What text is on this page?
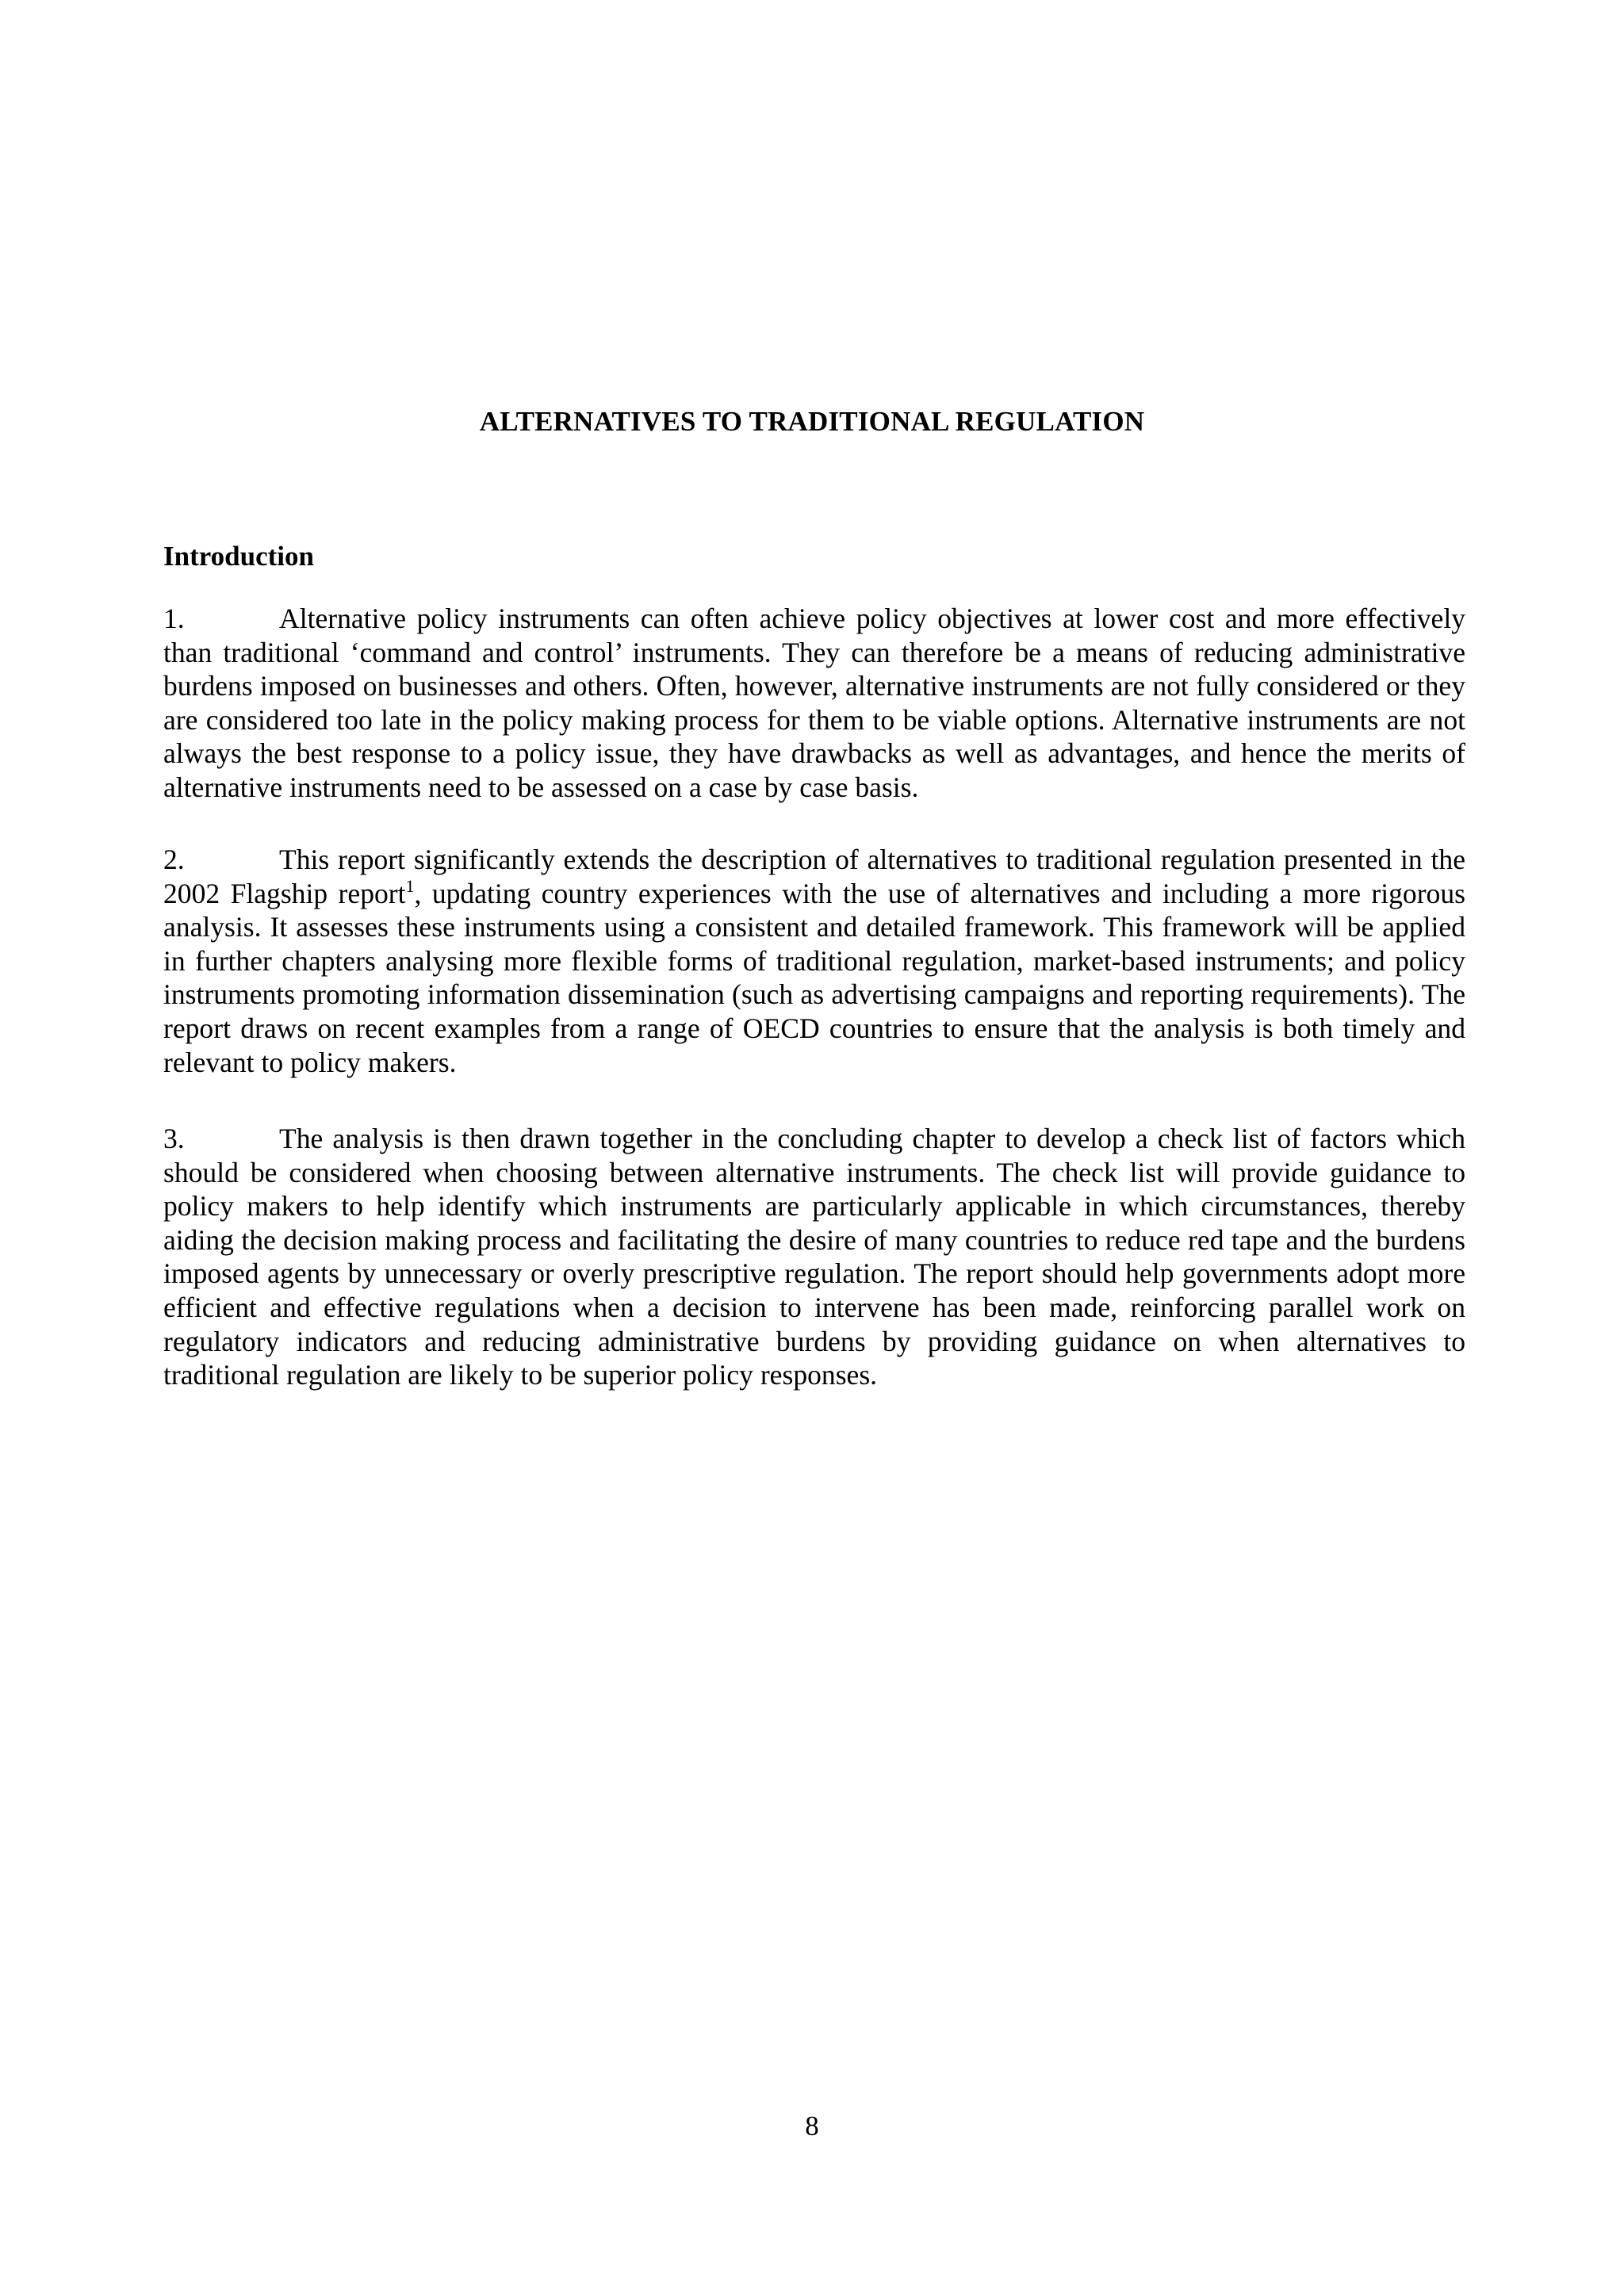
ALTERNATIVES TO TRADITIONAL REGULATION
Introduction

1.	Alternative policy instruments can often achieve policy objectives at lower cost and more effectively than traditional ‘command and control’ instruments. They can therefore be a means of reducing administrative burdens imposed on businesses and others. Often, however, alternative instruments are not fully considered or they are considered too late in the policy making process for them to be viable options. Alternative instruments are not always the best response to a policy issue, they have drawbacks as well as advantages, and hence the merits of alternative instruments need to be assessed on a case by case basis.

2.	This report significantly extends the description of alternatives to traditional regulation presented in the 2002 Flagship report$^1$, updating country experiences with the use of alternatives and including a more rigorous analysis. It assesses these instruments using a consistent and detailed framework. This framework will be applied in further chapters analysing more flexible forms of traditional regulation, market-based instruments; and policy instruments promoting information dissemination (such as advertising campaigns and reporting requirements). The report draws on recent examples from a range of OECD countries to ensure that the analysis is both timely and relevant to policy makers.

3.	The analysis is then drawn together in the concluding chapter to develop a check list of factors which should be considered when choosing between alternative instruments. The check list will provide guidance to policy makers to help identify which instruments are particularly applicable in which circumstances, thereby aiding the decision making process and facilitating the desire of many countries to reduce red tape and the burdens imposed agents by unnecessary or overly prescriptive regulation. The report should help governments adopt more efficient and effective regulations when a decision to intervene has been made, reinforcing parallel work on regulatory indicators and reducing administrative burdens by providing guidance on when alternatives to traditional regulation are likely to be superior policy responses.

8
